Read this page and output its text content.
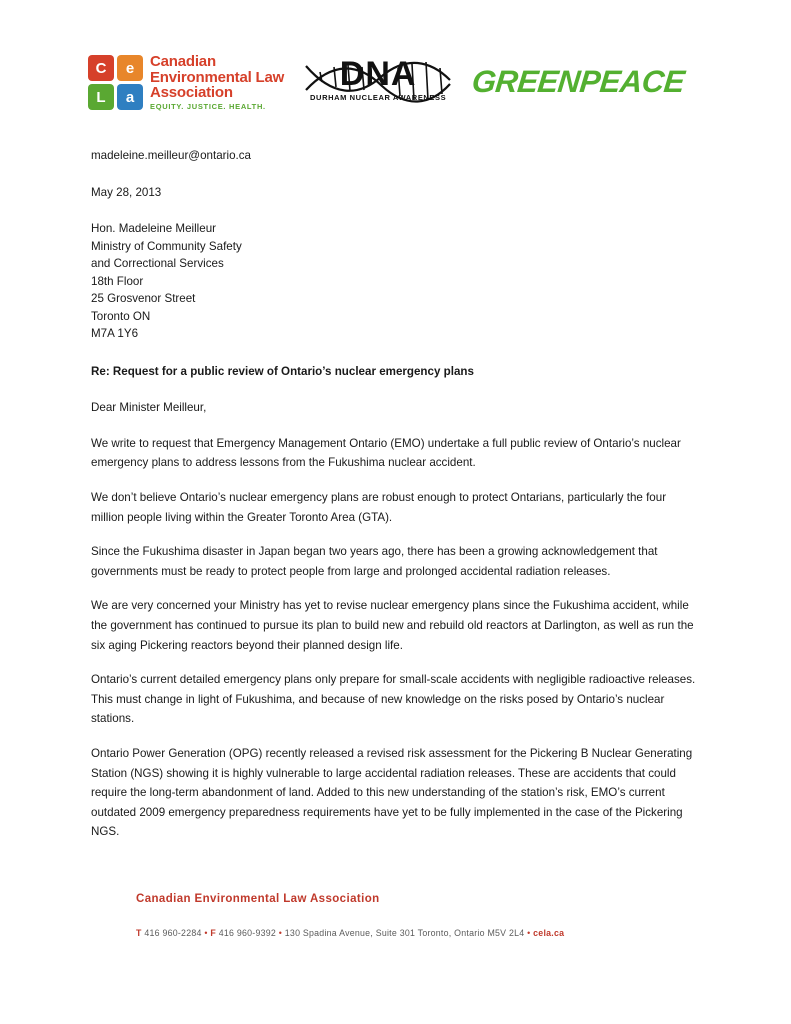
C	e
L	a
Canadian
Environmental Law
Association
EQUITY. JUSTICE. HEALTH.
DNA
DURHAM NUCLEAR AWARENESS GREENPEACE
madeleine.meilleur@ontario.ca
May 28, 2013
Hon. Madeleine Meilleur
Ministry of Community Safety
and Correctional Services
18th Floor
25 Grosvenor Street
Toronto ON
M7A 1Y6
Re: Request for a public review of Ontario’s nuclear emergency plans
Dear Minister Meilleur,
We write to request that Emergency Management Ontario (EMO) undertake a full public review of Ontario’s nuclear emergency plans to address lessons from the Fukushima nuclear accident.
We don’t believe Ontario’s nuclear emergency plans are robust enough to protect Ontarians, particularly the four million people living within the Greater Toronto Area (GTA).
Since the Fukushima disaster in Japan began two years ago, there has been a growing acknowledgement that governments must be ready to protect people from large and prolonged accidental radiation releases.
We are very concerned your Ministry has yet to revise nuclear emergency plans since the Fukushima accident, while the government has continued to pursue its plan to build new and rebuild old reactors at Darlington, as well as run the six aging Pickering reactors beyond their planned design life.
Ontario’s current detailed emergency plans only prepare for small-scale accidents with negligible radioactive releases. This must change in light of Fukushima, and because of new knowledge on the risks posed by Ontario’s nuclear stations.
Ontario Power Generation (OPG) recently released a revised risk assessment for the Pickering B Nuclear Generating Station (NGS) showing it is highly vulnerable to large accidental radiation releases. These are accidents that could require the long-term abandonment of land. Added to this new understanding of the station’s risk, EMO’s current outdated 2009 emergency preparedness requirements have yet to be fully implemented in the case of the Pickering NGS.
Canadian Environmental Law Association
T 416 960-2284 • F 416 960-9392 • 130 Spadina Avenue, Suite 301 Toronto, Ontario M5V 2L4 • cela.ca
